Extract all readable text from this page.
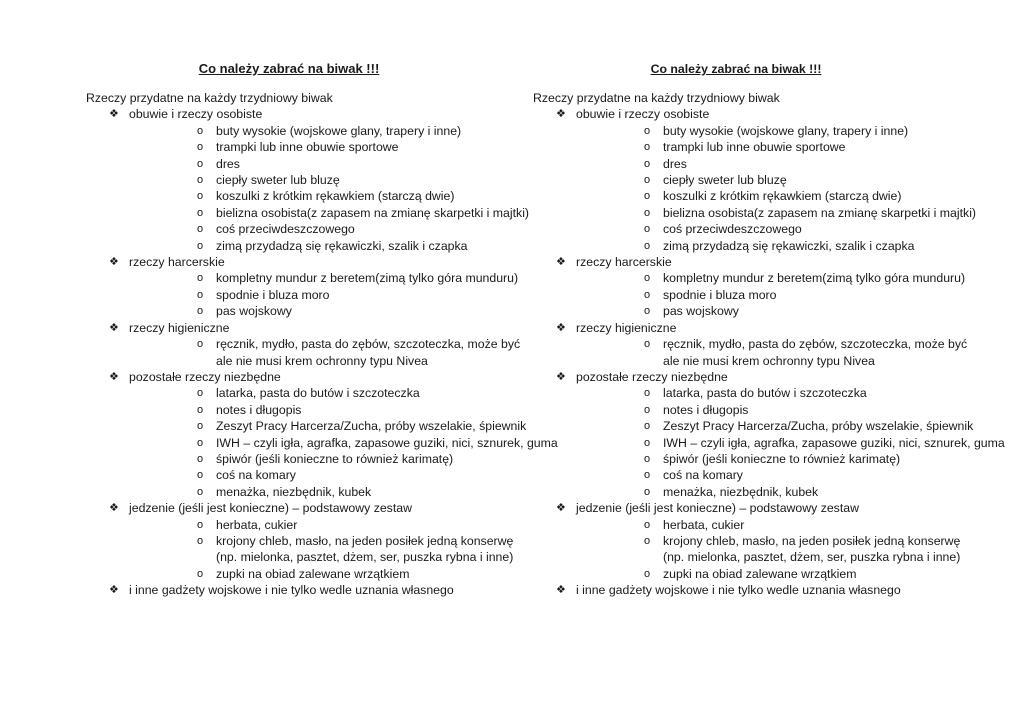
Co należy zabrać na biwak !!!
Rzeczy przydatne na każdy trzydniowy biwak
❖ obuwie i rzeczy osobiste
o buty wysokie (wojskowe glany, trapery i inne)
o trampki lub inne obuwie sportowe
o dres
o ciepły sweter lub bluzę
o koszulki z krótkim rękawkiem (starczą dwie)
o bielizna osobista(z zapasem na zmianę skarpetki i majtki)
o coś przeciwdeszczowego
o zimą przydadzą się rękawiczki, szalik i czapka
❖ rzeczy harcerskie
o kompletny mundur z beretem(zimą tylko góra munduru)
o spodnie i bluza moro
o pas wojskowy
❖ rzeczy higieniczne
o ręcznik, mydło, pasta do zębów, szczoteczka, może być ale nie musi krem ochronny typu Nivea
❖ pozostałe rzeczy niezbędne
o latarka, pasta do butów i szczoteczka
o notes i długopis
o Zeszyt Pracy Harcerza/Zucha, próby wszelakie, śpiewnik
o IWH – czyli igła, agrafka, zapasowe guziki, nici, sznurek, guma
o śpiwór (jeśli konieczne to również karimatę)
o coś na komary
o menażka, niezbędnik, kubek
❖ jedzenie (jeśli jest konieczne) – podstawowy zestaw
o herbata, cukier
o krojony chleb, masło, na jeden posiłek jedną konserwę (np. mielonka, pasztet, dżem, ser, puszka rybna i inne)
o zupki na obiad zalewane wrzątkiem
❖ i inne gadżety wojskowe i nie tylko wedle uznania własnego
Co należy zabrać na biwak !!!
Rzeczy przydatne na każdy trzydniowy biwak
❖ obuwie i rzeczy osobiste
o buty wysokie (wojskowe glany, trapery i inne)
o trampki lub inne obuwie sportowe
o dres
o ciepły sweter lub bluzę
o koszulki z krótkim rękawkiem (starczą dwie)
o bielizna osobista(z zapasem na zmianę skarpetki i majtki)
o coś przeciwdeszczowego
o zimą przydadzą się rękawiczki, szalik i czapka
❖ rzeczy harcerskie
o kompletny mundur z beretem(zimą tylko góra munduru)
o spodnie i bluza moro
o pas wojskowy
❖ rzeczy higieniczne
o ręcznik, mydło, pasta do zębów, szczoteczka, może być ale nie musi krem ochronny typu Nivea
❖ pozostałe rzeczy niezbędne
o latarka, pasta do butów i szczoteczka
o notes i długopis
o Zeszyt Pracy Harcerza/Zucha, próby wszelakie, śpiewnik
o IWH – czyli igła, agrafka, zapasowe guziki, nici, sznurek, guma
o śpiwór (jeśli konieczne to również karimatę)
o coś na komary
o menażka, niezbędnik, kubek
❖ jedzenie (jeśli jest konieczne) – podstawowy zestaw
o herbata, cukier
o krojony chleb, masło, na jeden posiłek jedną konserwę (np. mielonka, pasztet, dżem, ser, puszka rybna i inne)
o zupki na obiad zalewane wrzątkiem
❖ i inne gadżety wojskowe i nie tylko wedle uznania własnego
